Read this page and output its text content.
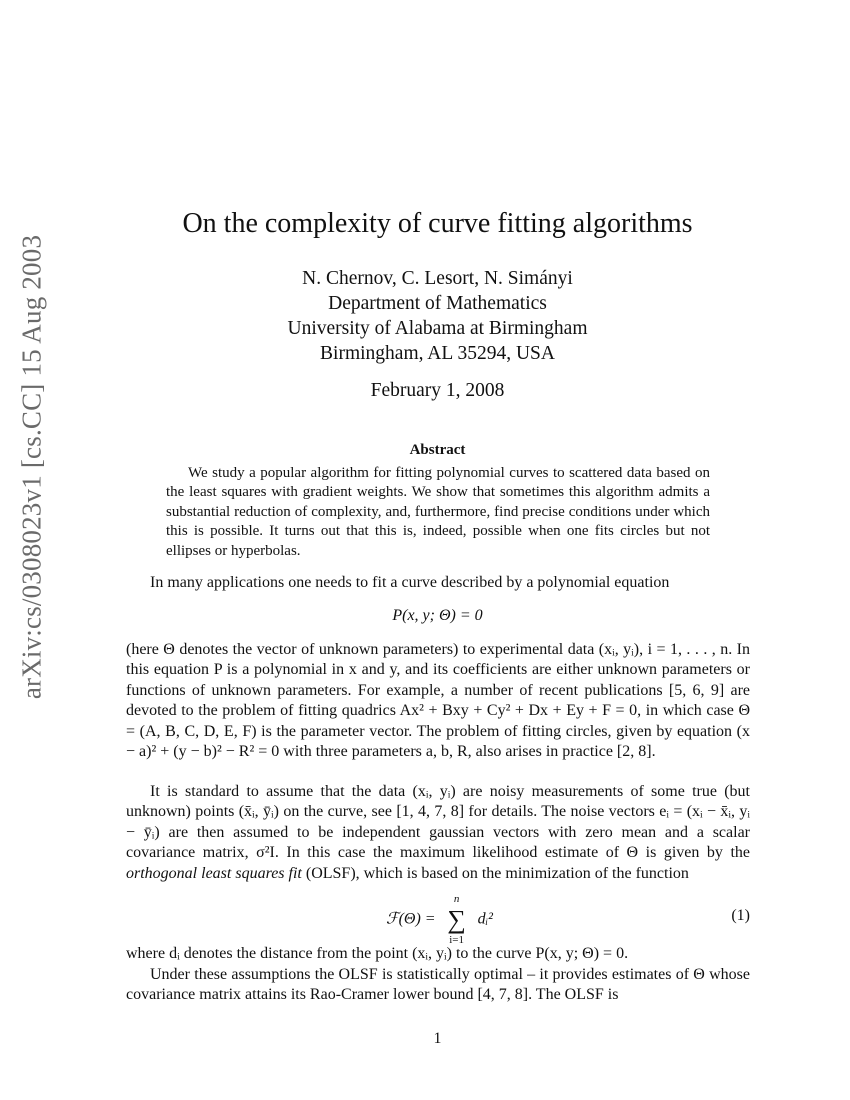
arXiv:cs/0308023v1 [cs.CC] 15 Aug 2003
On the complexity of curve fitting algorithms
N. Chernov, C. Lesort, N. Simányi
Department of Mathematics
University of Alabama at Birmingham
Birmingham, AL 35294, USA
February 1, 2008
Abstract

We study a popular algorithm for fitting polynomial curves to scattered data based on the least squares with gradient weights. We show that sometimes this algorithm admits a substantial reduction of complexity, and, furthermore, find precise conditions under which this is possible. It turns out that this is, indeed, possible when one fits circles but not ellipses or hyperbolas.

In many applications one needs to fit a curve described by a polynomial equation

P(x, y; Θ) = 0

(here Θ denotes the vector of unknown parameters) to experimental data (xᵢ, yᵢ), i = 1, . . . , n. In this equation P is a polynomial in x and y, and its coefficients are either unknown parameters or functions of unknown parameters. For example, a number of recent publications [5, 6, 9] are devoted to the problem of fitting quadrics Ax² + Bxy + Cy² + Dx + Ey + F = 0, in which case Θ = (A, B, C, D, E, F) is the parameter vector. The problem of fitting circles, given by equation (x − a)² + (y − b)² − R² = 0 with three parameters a, b, R, also arises in practice [2, 8].

It is standard to assume that the data (xᵢ, yᵢ) are noisy measurements of some true (but unknown) points (x̄ᵢ, ȳᵢ) on the curve, see [1, 4, 7, 8] for details. The noise vectors eᵢ = (xᵢ − x̄ᵢ, yᵢ − ȳᵢ) are then assumed to be independent gaussian vectors with zero mean and a scalar covariance matrix, σ²I. In this case the maximum likelihood estimate of Θ is given by the orthogonal least squares fit (OLSF), which is based on the minimization of the function

ℱ(Θ) =
n
∑
i=1
dᵢ²	(1)

where dᵢ denotes the distance from the point (xᵢ, yᵢ) to the curve P(x, y; Θ) = 0.

Under these assumptions the OLSF is statistically optimal – it provides estimates of Θ whose covariance matrix attains its Rao-Cramer lower bound [4, 7, 8]. The OLSF is

1
